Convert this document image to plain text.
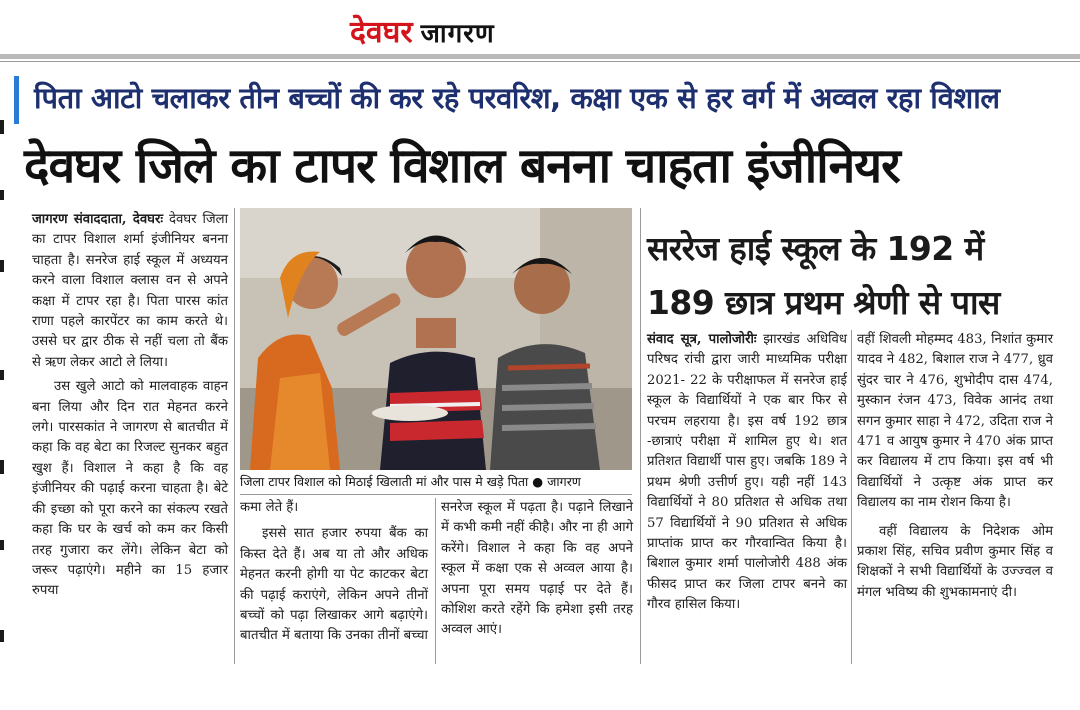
देवघर जागरण
पिता आटो चलाकर तीन बच्चों की कर रहे परवरिश, कक्षा एक से हर वर्ग में अव्वल रहा विशाल
देवघर जिले का टापर विशाल बनना चाहता इंजीनियर

जागरण संवाददाता, देवघरः देवघर जिला का टापर विशाल शर्मा इंजीनियर बनना चाहता है। सनरेज हाई स्कूल में अध्ययन करने वाला विशाल क्लास वन से अपने कक्षा में टापर रहा है। पिता पारस कांत राणा पहले कारपेंटर का काम करते थे। उससे घर द्वार ठीक से नहीं चला तो बैंक से ऋण लेकर आटो ले लिया।

उस खुले आटो को मालवाहक वाहन बना लिया और दिन रात मेहनत करने लगे। पारसकांत ने जागरण से बातचीत में कहा कि वह बेटा का रिजल्ट सुनकर बहुत खुश हैं। विशाल ने कहा है कि वह इंजीनियर की पढ़ाई करना चाहता है। बेटे की इच्छा को पूरा करने का संकल्प रखते कहा कि घर के खर्च को कम कर किसी तरह गुजारा कर लेंगे। लेकिन बेटा को जरूर पढ़ाएंगे। महीने का 15 हजार रुपया

जिला टापर विशाल को मिठाई खिलाती मां और पास मे खड़े पिता ● जागरण

कमा लेते हैं।

इससे सात हजार रुपया बैंक का किस्त देते हैं। अब या तो और अधिक मेहनत करनी होगी या पेट काटकर बेटा की पढ़ाई कराएंगे, लेकिन अपने तीनों बच्चों को पढ़ा लिखाकर आगे बढ़ाएंगे। बातचीत में बताया कि उनका तीनों बच्चा

सनरेज स्कूल में पढ़ता है। पढ़ाने लिखाने में कभी कमी नहीं कीहै। और ना ही आगे करेंगे। विशाल ने कहा कि वह अपने स्कूल में कक्षा एक से अव्वल आया है। अपना पूरा समय पढ़ाई पर देते हैं। कोशिश करते रहेंगे कि हमेशा इसी तरह अव्वल आएं।

सररेज हाई स्कूल के 192 में
189 छात्र प्रथम श्रेणी से पास

संवाद सूत्र, पालोजोरीः झारखंड अधिविध परिषद रांची द्वारा जारी माध्यमिक परीक्षा 2021- 22 के परीक्षाफल में सनरेज हाई स्कूल के विद्यार्थियों ने एक बार फिर से परचम लहराया है। इस वर्ष 192 छात्र -छात्राएं परीक्षा में शामिल हुए थे। शत प्रतिशत विद्यार्थी पास हुए। जबकि 189 ने प्रथम श्रेणी उत्तीर्ण हुए। यही नहीं 143 विद्यार्थियों ने 80 प्रतिशत से अधिक तथा 57 विद्यार्थियों ने 90 प्रतिशत से अधिक प्राप्तांक प्राप्त कर गौरवान्वित किया है। बिशाल कुमार शर्मा पालोजोरी 488 अंक फीसद प्राप्त कर जिला टापर बनने का गौरव हासिल किया।

वहीं शिवली मोहम्मद 483, निशांत कुमार यादव ने 482, बिशाल राज ने 477, ध्रुव सुंदर चार ने 476, शुभोदीप दास 474, मुस्कान रंजन 473, विवेक आनंद तथा सगन कुमार साहा ने 472, उदिता राज ने 471 व आयुष कुमार ने 470 अंक प्राप्त कर विद्यालय में टाप किया। इस वर्ष भी विद्यार्थियों ने उत्कृष्ट अंक प्राप्त कर विद्यालय का नाम रोशन किया है।

वहीं विद्यालय के निदेशक ओम प्रकाश सिंह, सचिव प्रवीण कुमार सिंह व शिक्षकों ने सभी विद्यार्थियों के उज्ज्वल व मंगल भविष्य की शुभकामनाएं दी।
